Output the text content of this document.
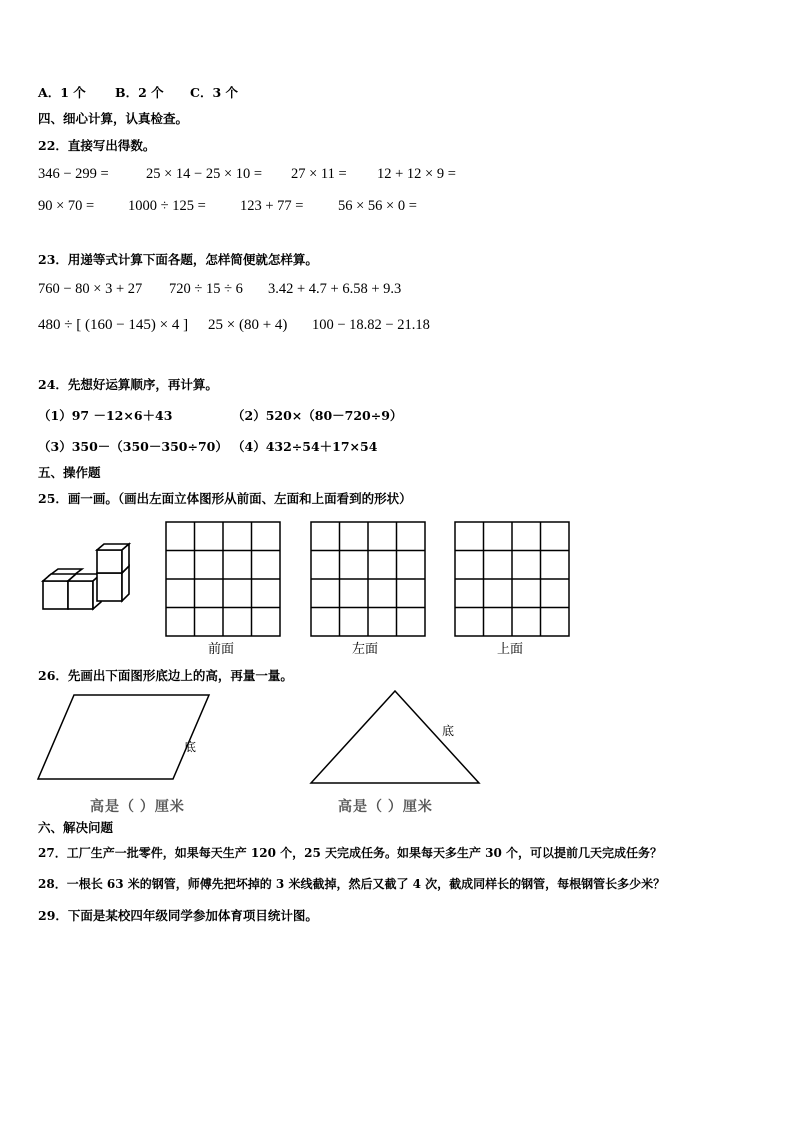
A．1 个 B．2 个 C．3 个
四、细心计算，认真检查。
22．直接写出得数。
346 − 299 =	25 × 14 − 25 × 10 = 27 × 11 = 12 + 12 × 9 =
90 × 70 = 1000 ÷ 125 = 123 + 77 = 56 × 56 × 0 =
23．用递等式计算下面各题，怎样简便就怎样算。
760 − 80 × 3 + 27 720 ÷ 15 ÷ 6 3.42 + 4.7 + 6.58 + 9.3
480 ÷ [ (160 − 145) × 4 ] 25 × (80 + 4) 100 − 18.82 − 21.18
24．先想好运算顺序，再计算。
（1）97 －12×6＋43	（2）520×（80－720÷9）
（3）350－（350－350÷70） （4）432÷54＋17×54
五、操作题
25．画一画。（画出左面立体图形从前面、左面和上面看到的形状）
前面	左面	上面
26．先画出下面图形底边上的高，再量一量。
底
高是（ ）厘米
底
高是（ ）厘米
六、解决问题
27．工厂生产一批零件，如果每天生产 120 个，25 天完成任务。如果每天多生产 30 个，可以提前几天完成任务？
28．一根长 63 米的钢管，师傅先把坏掉的 3 米线截掉，然后又截了 4 次，截成同样长的钢管，每根钢管长多少米？
29．下面是某校四年级同学参加体育项目统计图。
